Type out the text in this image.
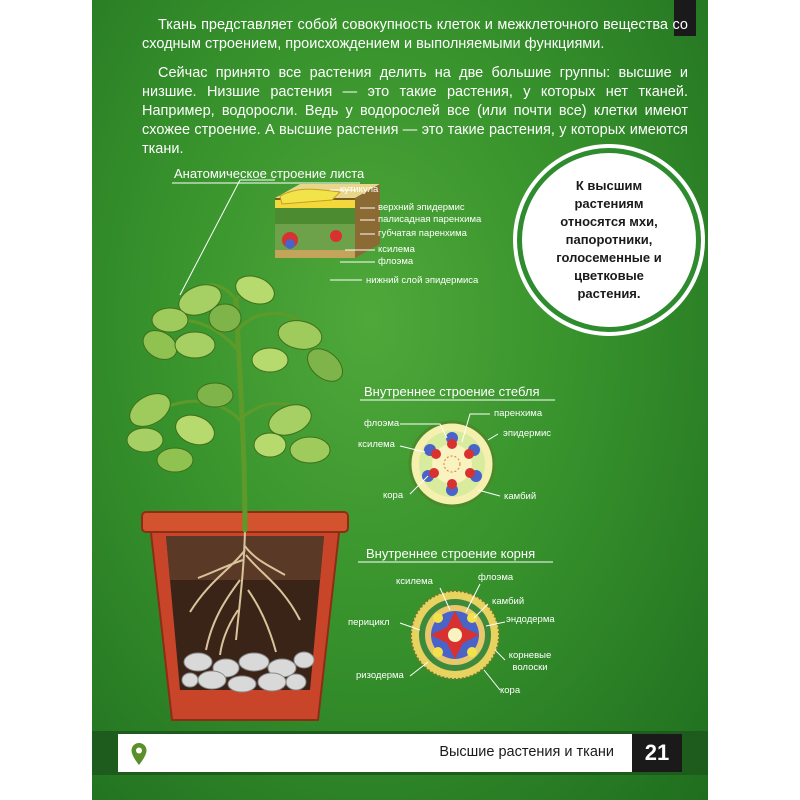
Ткань представляет собой совокупность клеток и межклеточного вещества со сходным строением, происхождением и выполняемыми функциями.

Сейчас принято все растения делить на две большие группы: высшие и низшие. Низшие растения — это такие растения, у которых нет тканей. Например, водоросли. Ведь у водорослей все (или почти все) клетки имеют схожее строение. А высшие растения — это такие растения, у которых имеются ткани.

Анатомическое строение листа
Внутреннее строение стебля
Внутреннее строение корня
кутикула
верхний эпидермис
палисадная паренхима
губчатая паренхима
ксилема
флоэма
нижний слой эпидермиса
флоэма
паренхима
ксилема
эпидермис
кора	камбий
ксилема	флоэма
камбий
перицикл	эндодерма
корневые волоски
ризодерма
кора
К высшим растениям относятся мхи, папоротники, голосеменные и цветковые растения.
Высшие растения и ткани	21
